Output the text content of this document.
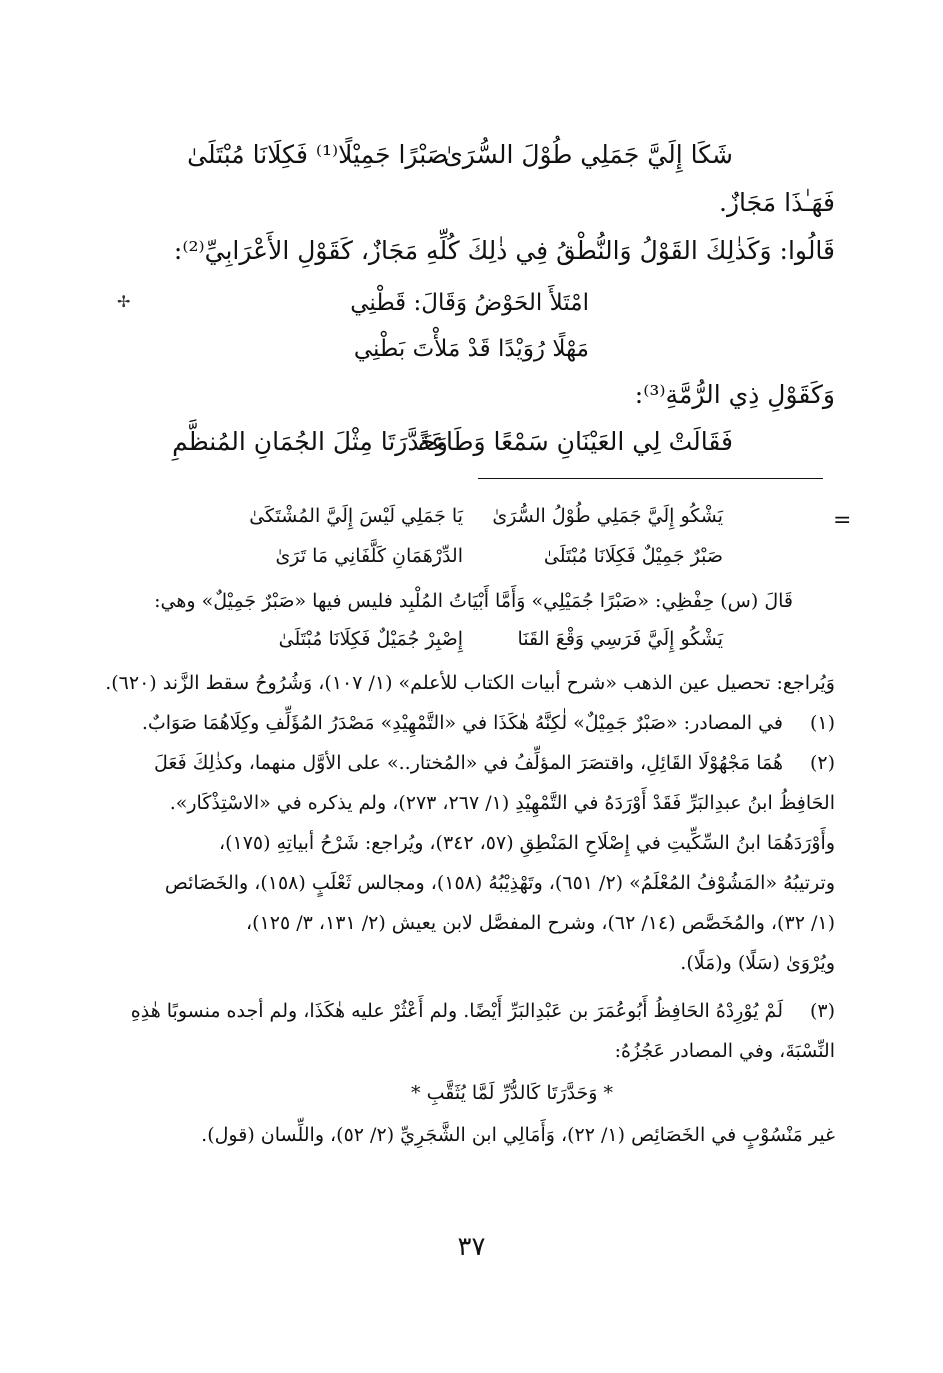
شَكَا إِلَيَّ جَمَلِي طُوْلَ السُّرَىٰ
صَبْرًا جَمِيْلًا⁽¹⁾ فَكِلَانَا مُبْتَلَىٰ
فَهَـٰذَا مَجَازٌ.
قَالُوا: وَكَذٰلِكَ القَوْلُ وَالنُّطْقُ فِي ذٰلِكَ كُلِّهِ مَجَازٌ، كَقَوْلِ الأَعْرَابِيِّ⁽²⁾:
امْتَلأَ الحَوْضُ وَقَالَ: قَطْنِي
مَهْلًا رُوَيْدًا قَدْ مَلأْتَ بَطْنِي
وَكَقَوْلِ ذِي الرُّمَّةِ⁽³⁾:
فَقَالَتْ لِي العَيْنَانِ سَمْعًا وَطَاعَةً
وَحَدَّرَتَا مِثْلَ الجُمَانِ المُنظَّمِ
=
✢
يَشْكُو إِلَيَّ جَمَلِي طُوْلُ السُّرَىٰ
يَا جَمَلِي لَيْسَ إِلَيَّ المُشْتَكَىٰ
صَبْرٌ جَمِيْلٌ فَكِلَانَا مُبْتَلَىٰ
الدِّرْهَمَانِ كَلَّفَانِي مَا تَرَىٰ
قَالَ (س) حِفْظِي: «صَبْرًا جُمَيْلِي» وَأَمَّا أَبْيَاتُ المُلْبِد فليس فيها «صَبْرٌ جَمِيْلٌ» وهي:
يَشْكُو إِلَيَّ فَرَسِي وَقْعَ القَنَا
إِصْبِرْ جُمَيْلٌ فَكِلَانَا مُبْتَلَىٰ
وَيُراجع: تحصيل عين الذهب «شرح أبيات الكتاب للأعلم» (١/ ١٠٧)، وَشُرُوحُ سقط الزَّند (٦٢٠).
(١)
في المصادر: «صَبْرٌ جَمِيْلٌ» لٰكِنَّهُ هٰكَذَا في «التَّمْهِيْدِ» مَصْدَرُ المُؤَلِّفِ وكِلَاهُمَا صَوَابٌ.
(٢)
هُمَا مَجْهُوْلَا القَائِلِ، واقتصَرَ المؤلِّفُ في «المُختار..» على الأوَّل منهما، وكذٰلِكَ فَعَلَ
الحَافِظُ ابنُ عبدِالبَرِّ فَقَدْ أَوْرَدَهُ في التَّمْهِيْدِ (١/ ٢٦٧، ٢٧٣)، ولم يذكره في «الاسْتِذْكَار».
وأَوْرَدَهُمَا ابنُ السِّكِّيتِ في إِصْلَاحِ المَنْطِقِ (٥٧، ٣٤٢)، ويُراجع: شَرْحُ أبياتِهِ (١٧٥)،
وترتيبُهُ «المَشُوْفُ المُعْلَمُ» (٢/ ٦٥١)، وتَهْذِيْبُهُ (١٥٨)، ومجالس ثَعْلَبٍ (١٥٨)، والخَصَائص
(١/ ٣٢)، والمُخَصَّص (١٤/ ٦٢)، وشرح المفصَّل لابن يعيش (٢/ ١٣١، ٣/ ١٢٥)،
ويُرْوَىٰ (سَلًا) و(مَلًا).
(٣)
لَمْ يُوْرِدْهُ الحَافِظُ أَبُوعُمَرَ بن عَبْدِالبَرِّ أَيْضًا. ولم أَعْثُرْ عليه هٰكَذَا، ولم أجده منسوبًا هٰذِهِ
النِّسْبَةَ، وفي المصادر عَجُزُهُ:
* وَحَدَّرَتَا كَالدُّرِّ لَمَّا يُثَقَّبِ *
غير مَنْسُوْبٍ في الخَصَائِص (١/ ٢٢)، وَأَمَالِي ابن الشَّجَرِيِّ (٢/ ٥٢)، واللِّسان (قول).
٣٧
